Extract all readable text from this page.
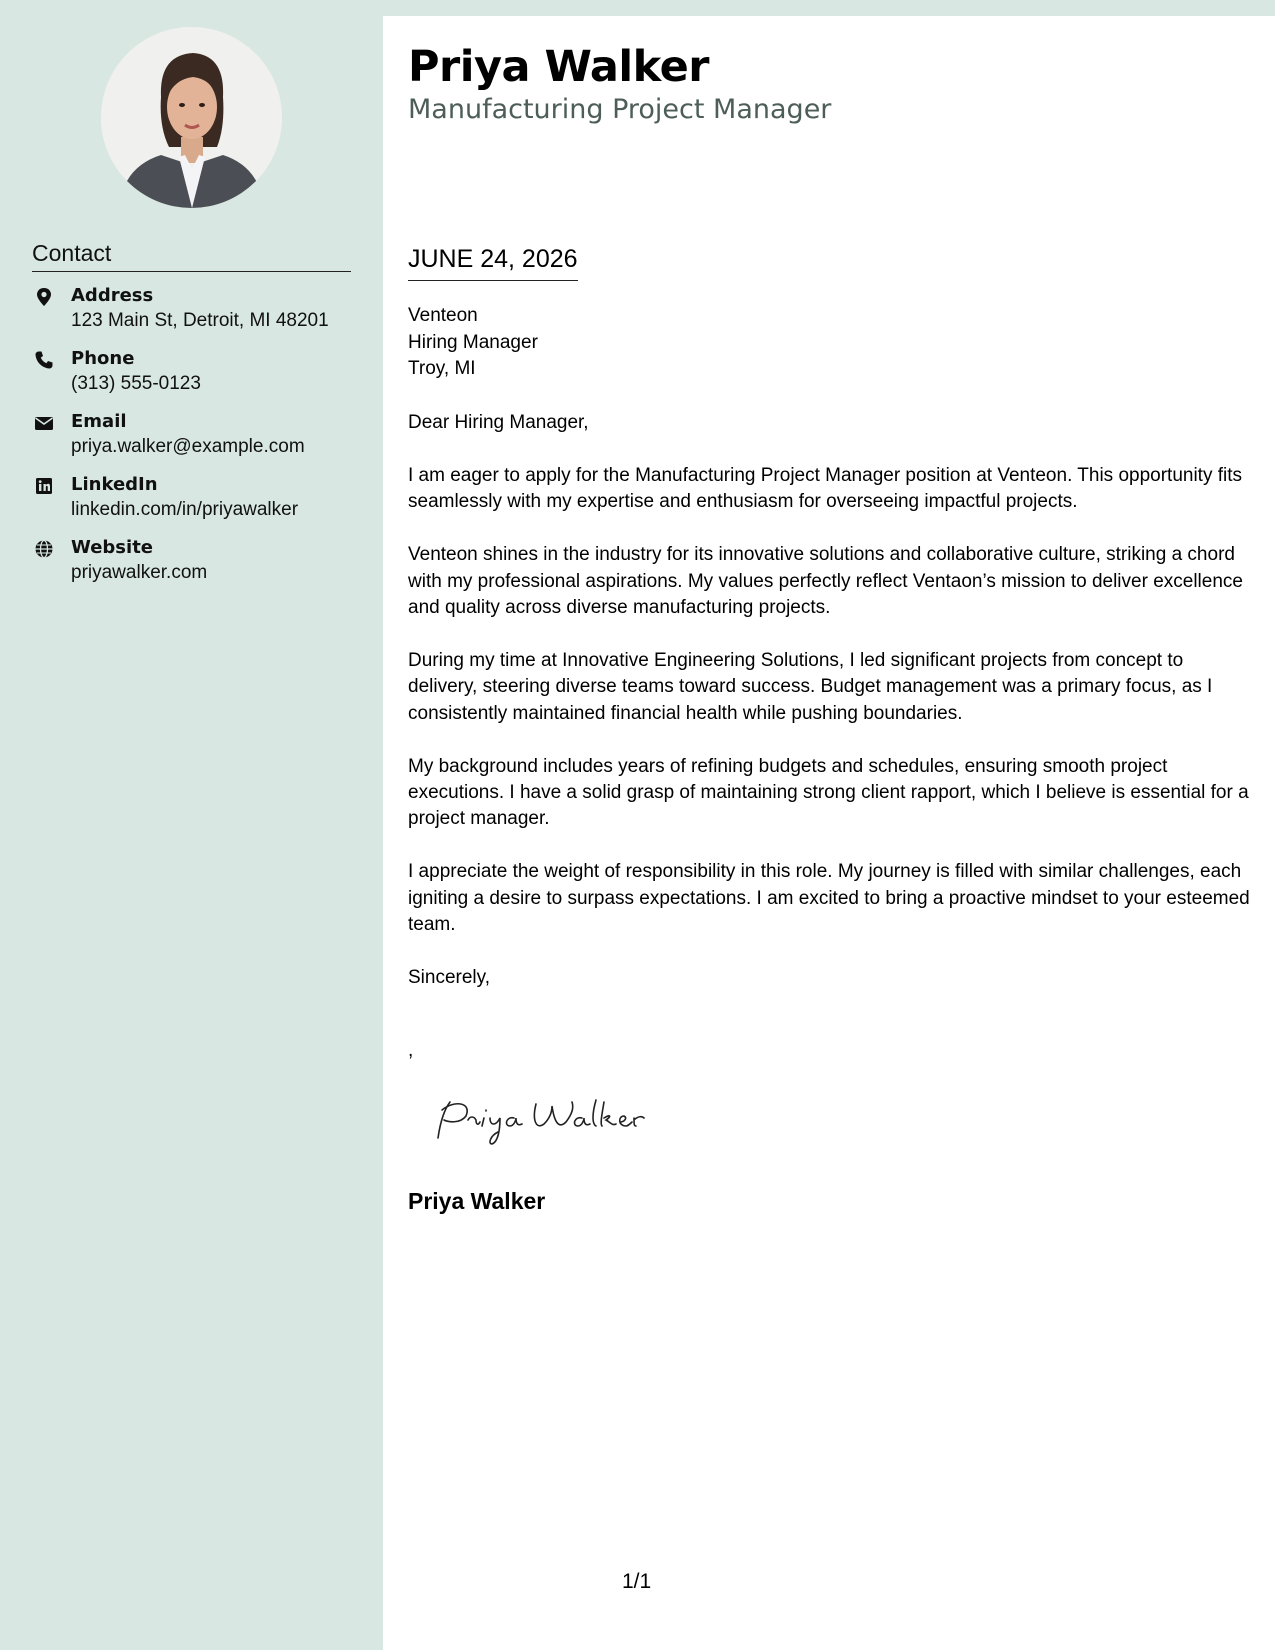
Contact
Address
123 Main St, Detroit, MI 48201
Phone
(313) 555-0123
Email
priya.walker@example.com
LinkedIn
linkedin.com/in/priyawalker
Website
priyawalker.com
Priya Walker
Manufacturing Project Manager
JUNE 24, 2026
Venteon
Hiring Manager
Troy, MI

Dear Hiring Manager,

I am eager to apply for the Manufacturing Project Manager position at Venteon. This opportunity fits seamlessly with my expertise and enthusiasm for overseeing impactful projects.

Venteon shines in the industry for its innovative solutions and collaborative culture, striking a chord with my professional aspirations. My values perfectly reflect Ventaon’s mission to deliver excellence and quality across diverse manufacturing projects.

During my time at Innovative Engineering Solutions, I led significant projects from concept to delivery, steering diverse teams toward success. Budget management was a primary focus, as I consistently maintained financial health while pushing boundaries.

My background includes years of refining budgets and schedules, ensuring smooth project executions. I have a solid grasp of maintaining strong client rapport, which I believe is essential for a project manager.

I appreciate the weight of responsibility in this role. My journey is filled with similar challenges, each igniting a desire to surpass expectations. I am excited to bring a proactive mindset to your esteemed team.

Sincerely,

,
Priya Walker
1/1
